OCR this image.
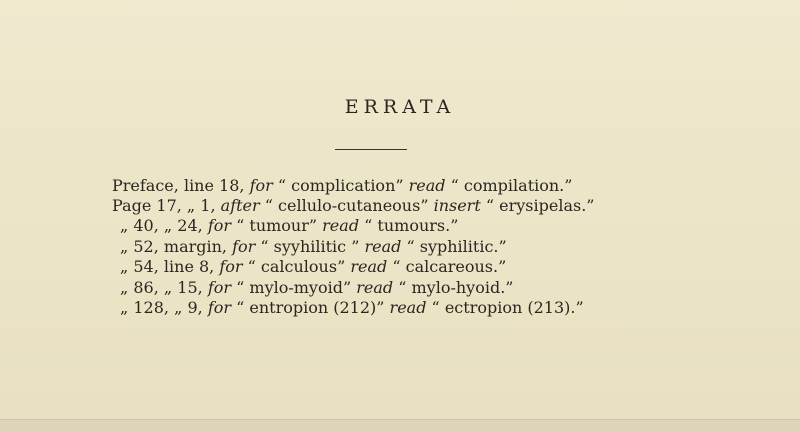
ERRATA
Preface, line 18, for “ complication” read “ compilation.”
Page 17, „ 1, after “ cellulo-cutaneous” insert “ erysipelas.”
„ 40, „ 24, for “ tumour” read “ tumours.”
„ 52, margin, for “ syyhilitic ” read “ syphilitic.”
„ 54, line 8, for “ calculous” read “ calcareous.”
„ 86, „ 15, for “ mylo-myoid” read “ mylo-hyoid.”
„ 128, „ 9, for “ entropion (212)” read “ ectropion (213).”
